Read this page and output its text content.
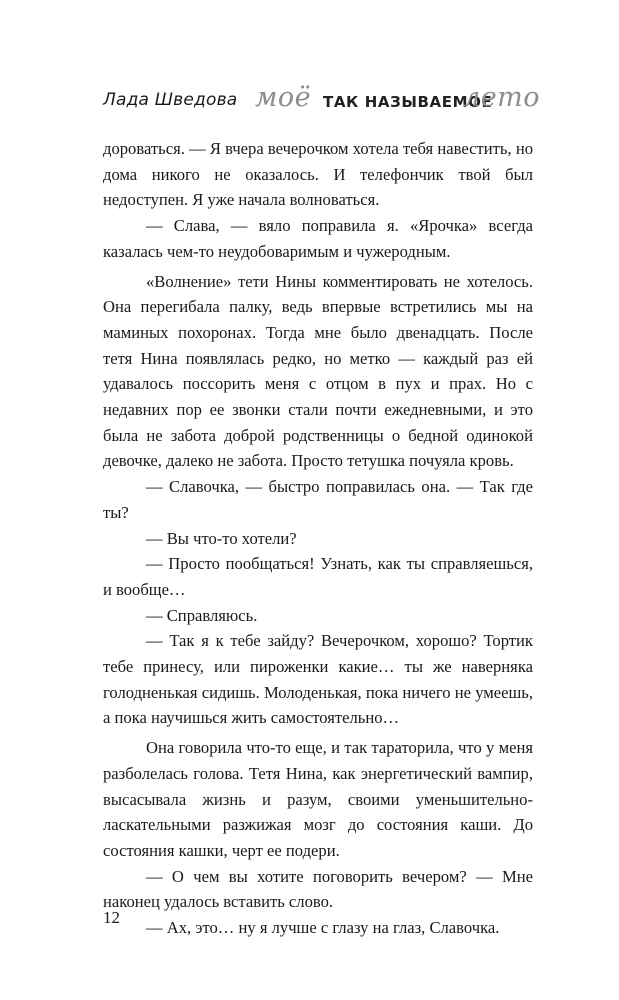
Лада Шведова моё ТАК НАЗЫВАЕМОЕ
лето

дороваться. — Я вчера вечерочком хотела тебя навестить, но дома никого не оказалось. И телефончик твой был недоступен. Я уже начала волноваться.

— Слава, — вяло поправила я. «Ярочка» всегда казалась чем-то неудобоваримым и чужеродным.

«Волнение» тети Нины комментировать не хотелось. Она перегибала палку, ведь впервые встретились мы на маминых похоронах. Тогда мне было двенадцать. После тетя Нина появлялась редко, но метко — каждый раз ей удавалось поссорить меня с отцом в пух и прах. Но с недавних пор ее звонки стали почти ежедневными, и это была не забота доброй родственницы о бедной одинокой девочке, далеко не забота. Просто тетушка почуяла кровь.

— Славочка, — быстро поправилась она. — Так где ты?

— Вы что-то хотели?

— Просто пообщаться! Узнать, как ты справляешься, и вообще…

— Справляюсь.

— Так я к тебе зайду? Вечерочком, хорошо? Тортик тебе принесу, или пироженки какие… ты же наверняка голодненькая сидишь. Молоденькая, пока ничего не умеешь, а пока научишься жить самостоятельно…

Она говорила что-то еще, и так тараторила, что у меня разболелась голова. Тетя Нина, как энергетический вампир, высасывала жизнь и разум, своими уменьшительно-ласкательными разжижая мозг до состояния каши. До состояния кашки, черт ее подери.

— О чем вы хотите поговорить вечером? — Мне наконец удалось вставить слово.

— Ах, это… ну я лучше с глазу на глаз, Славочка.

12
